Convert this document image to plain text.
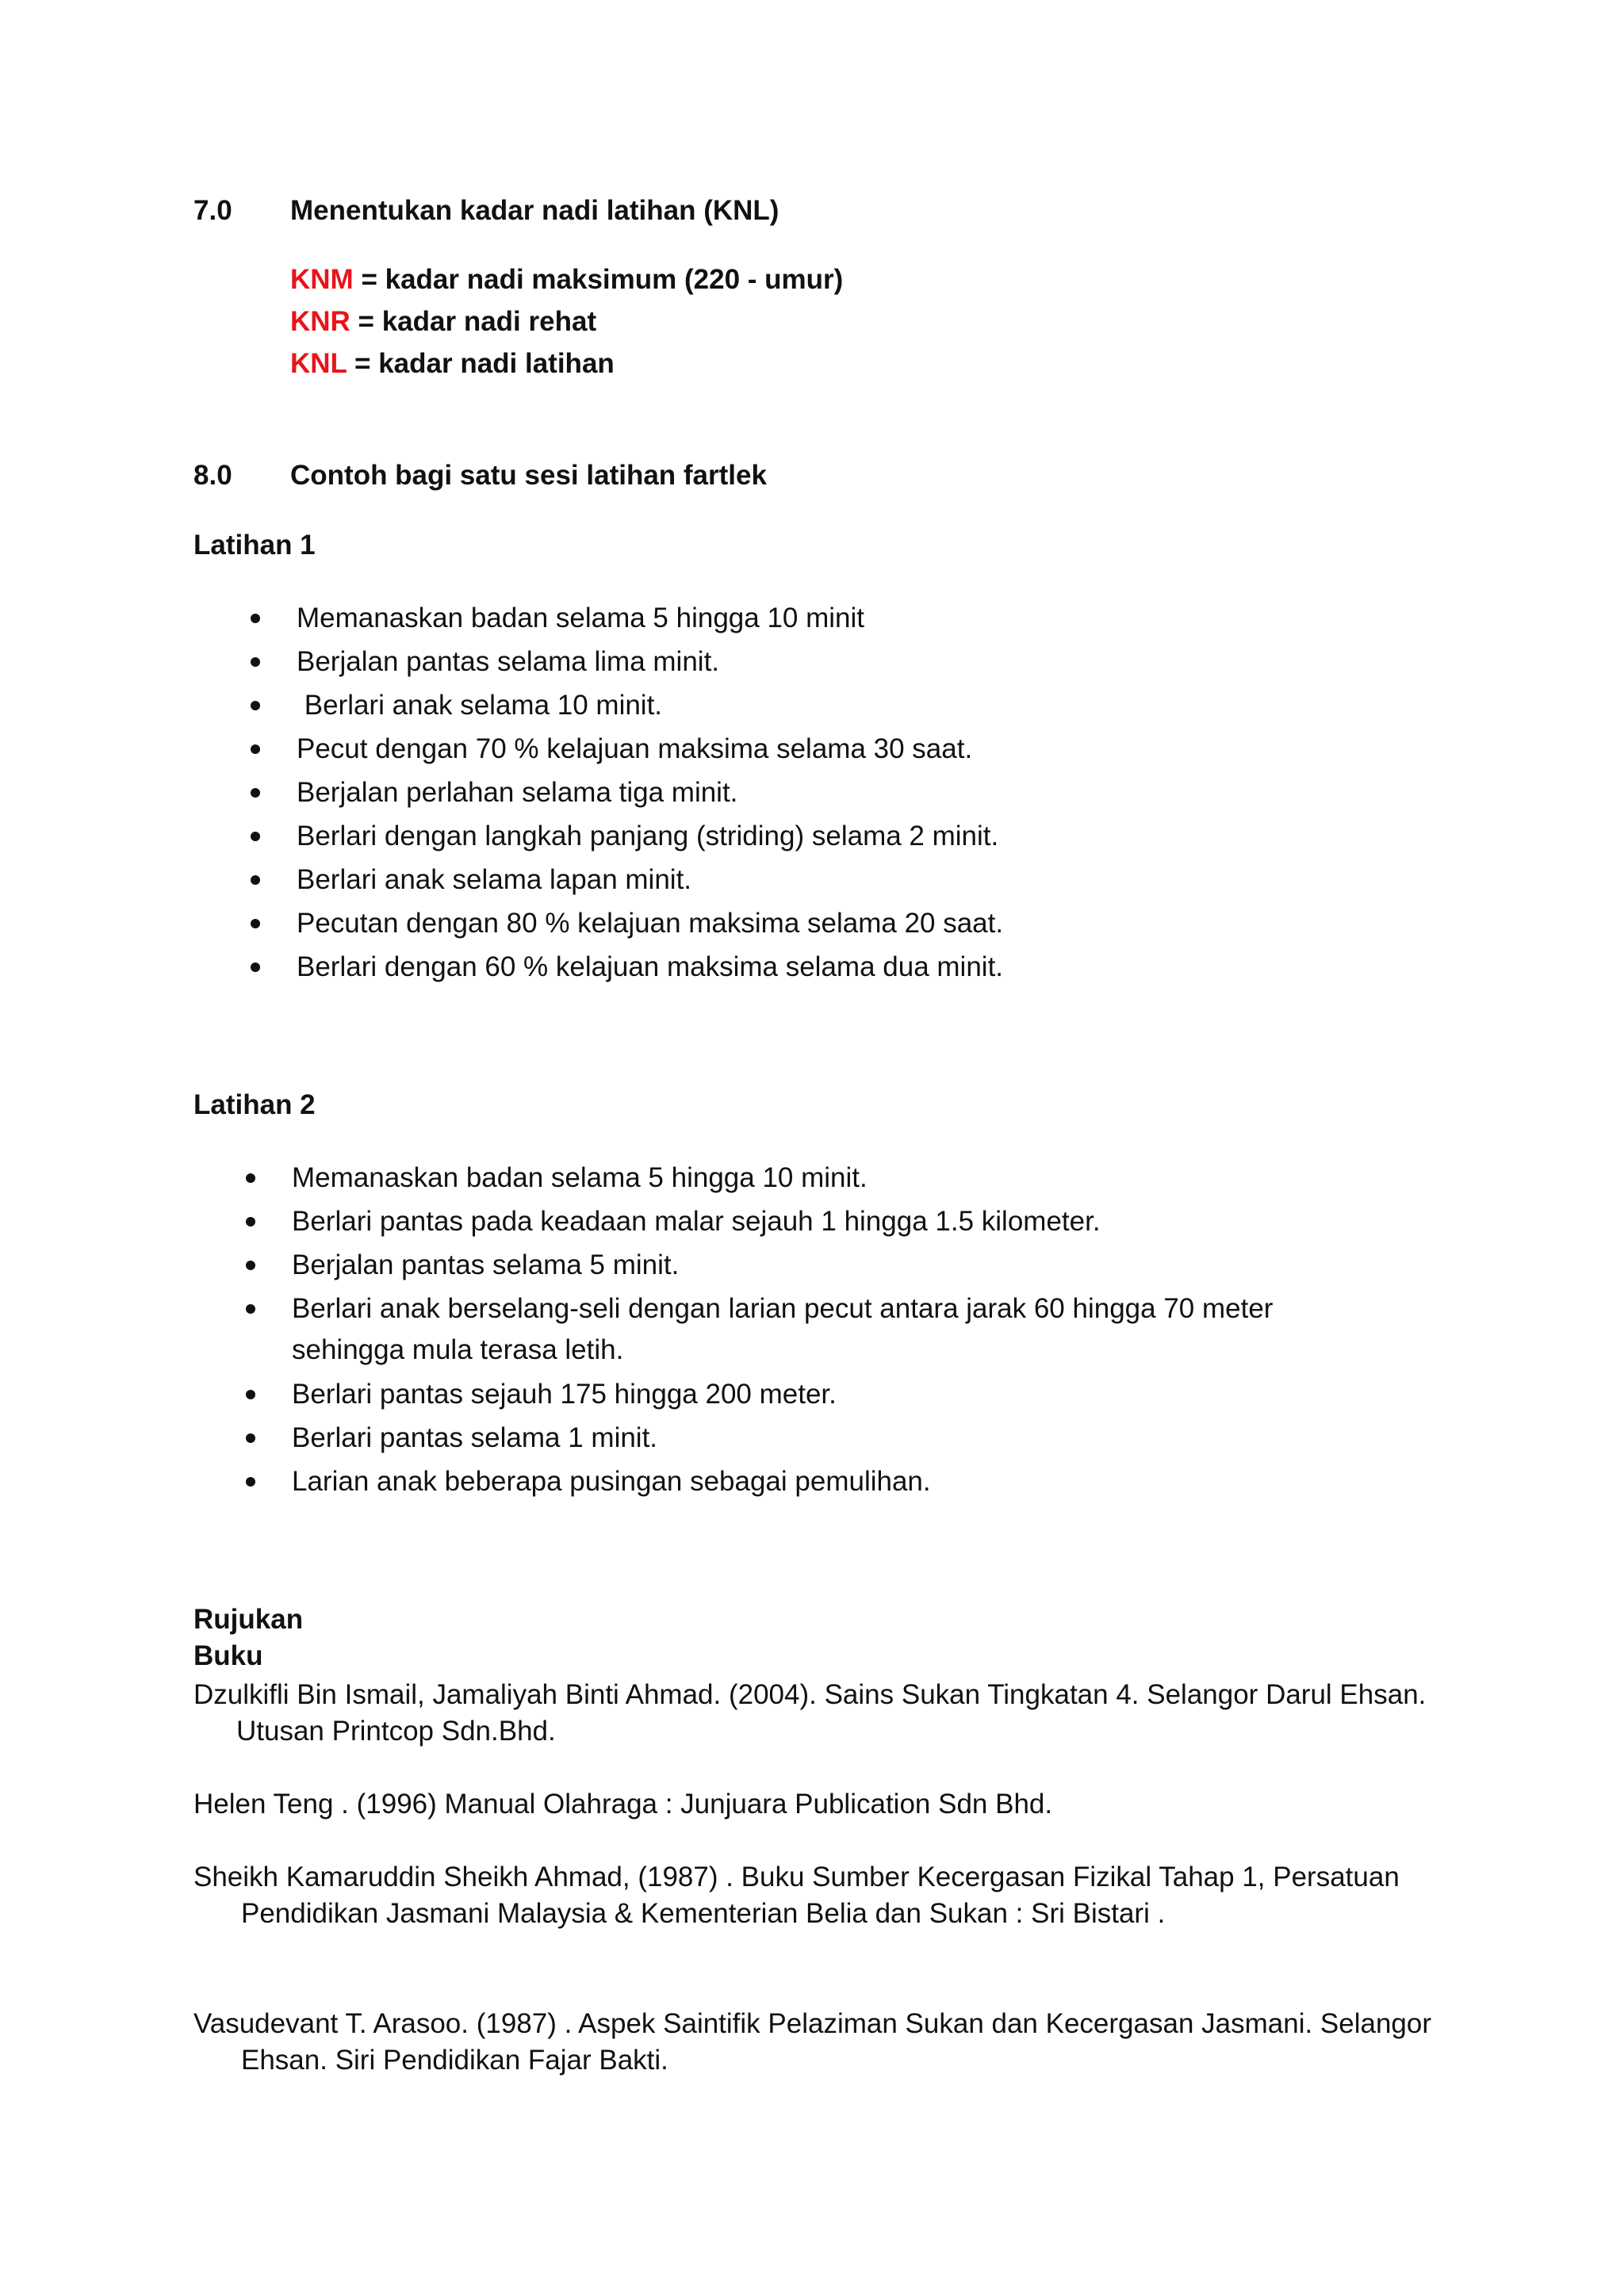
7.0 Menentukan kadar nadi latihan (KNL)
KNM = kadar nadi maksimum (220 - umur)
KNR = kadar nadi rehat
KNL = kadar nadi latihan
8.0 Contoh bagi satu sesi latihan fartlek
Latihan 1
Memanaskan badan selama 5 hingga 10 minit
Berjalan pantas selama lima minit.
Berlari anak selama 10 minit.
Pecut dengan 70 % kelajuan maksima selama 30 saat.
Berjalan perlahan selama tiga minit.
Berlari dengan langkah panjang (striding) selama 2 minit.
Berlari anak selama lapan minit.
Pecutan dengan 80 % kelajuan maksima selama 20 saat.
Berlari dengan 60 % kelajuan maksima selama dua minit.
Latihan 2
Memanaskan badan selama 5 hingga 10 minit.
Berlari pantas pada keadaan malar sejauh 1 hingga 1.5 kilometer.
Berjalan pantas selama 5 minit.
Berlari anak berselang-seli dengan larian pecut antara jarak 60 hingga 70 meter sehingga mula terasa letih.
Berlari pantas sejauh 175 hingga 200 meter.
Berlari pantas selama 1 minit.
Larian anak beberapa pusingan sebagai pemulihan.
Rujukan
Buku
Dzulkifli Bin Ismail, Jamaliyah Binti Ahmad. (2004). Sains Sukan Tingkatan 4. Selangor Darul Ehsan.
Utusan Printcop Sdn.Bhd.
Helen Teng . (1996) Manual Olahraga : Junjuara Publication Sdn Bhd.
Sheikh Kamaruddin Sheikh Ahmad, (1987) . Buku Sumber Kecergasan Fizikal Tahap 1, Persatuan
Pendidikan Jasmani Malaysia & Kementerian Belia dan Sukan : Sri Bistari .
Vasudevant T. Arasoo. (1987) . Aspek Saintifik Pelaziman Sukan dan Kecergasan Jasmani. Selangor
Ehsan. Siri Pendidikan Fajar Bakti.
